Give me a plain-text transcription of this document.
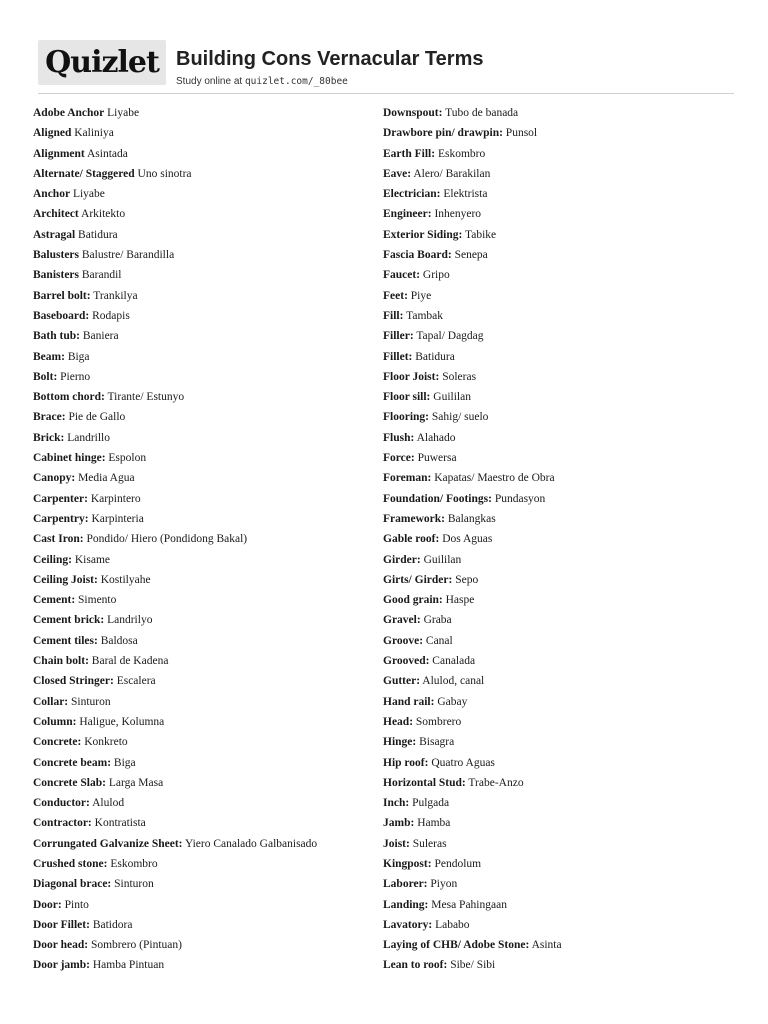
Quizlet Building Cons Vernacular Terms
Study online at quizlet.com/_80bee
Adobe Anchor Liyabe
Aligned Kaliniya
Alignment Asintada
Alternate/ Staggered Uno sinotra
Anchor Liyabe
Architect Arkitekto
Astragal Batidura
Balusters Balustre/ Barandilla
Banisters Barandil
Barrel bolt: Trankilya
Baseboard: Rodapis
Bath tub: Baniera
Beam: Biga
Bolt: Pierno
Bottom chord: Tirante/ Estunyo
Brace: Pie de Gallo
Brick: Landrillo
Cabinet hinge: Espolon
Canopy: Media Agua
Carpenter: Karpintero
Carpentry: Karpinteria
Cast Iron: Pondido/ Hiero (Pondidong Bakal)
Ceiling: Kisame
Ceiling Joist: Kostilyahe
Cement: Simento
Cement brick: Landrilyo
Cement tiles: Baldosa
Chain bolt: Baral de Kadena
Closed Stringer: Escalera
Collar: Sinturon
Column: Haligue, Kolumna
Concrete: Konkreto
Concrete beam: Biga
Concrete Slab: Larga Masa
Conductor: Alulod
Contractor: Kontratista
Corrungated Galvanize Sheet: Yiero Canalado Galbanisado
Crushed stone: Eskombro
Diagonal brace: Sinturon
Door: Pinto
Door Fillet: Batidora
Door head: Sombrero (Pintuan)
Door jamb: Hamba Pintuan
Downspout: Tubo de banada
Drawbore pin/ drawpin: Punsol
Earth Fill: Eskombro
Eave: Alero/ Barakilan
Electrician: Elektrista
Engineer: Inhenyero
Exterior Siding: Tabike
Fascia Board: Senepa
Faucet: Gripo
Feet: Piye
Fill: Tambak
Filler: Tapal/ Dagdag
Fillet: Batidura
Floor Joist: Soleras
Floor sill: Guililan
Flooring: Sahig/ suelo
Flush: Alahado
Force: Puwersa
Foreman: Kapatas/ Maestro de Obra
Foundation/ Footings: Pundasyon
Framework: Balangkas
Gable roof: Dos Aguas
Girder: Guililan
Girts/ Girder: Sepo
Good grain: Haspe
Gravel: Graba
Groove: Canal
Grooved: Canalada
Gutter: Alulod, canal
Hand rail: Gabay
Head: Sombrero
Hinge: Bisagra
Hip roof: Quatro Aguas
Horizontal Stud: Trabe-Anzo
Inch: Pulgada
Jamb: Hamba
Joist: Suleras
Kingpost: Pendolum
Laborer: Piyon
Landing: Mesa Pahingaan
Lavatory: Lababo
Laying of CHB/ Adobe Stone: Asinta
Lean to roof: Sibe/ Sibi
